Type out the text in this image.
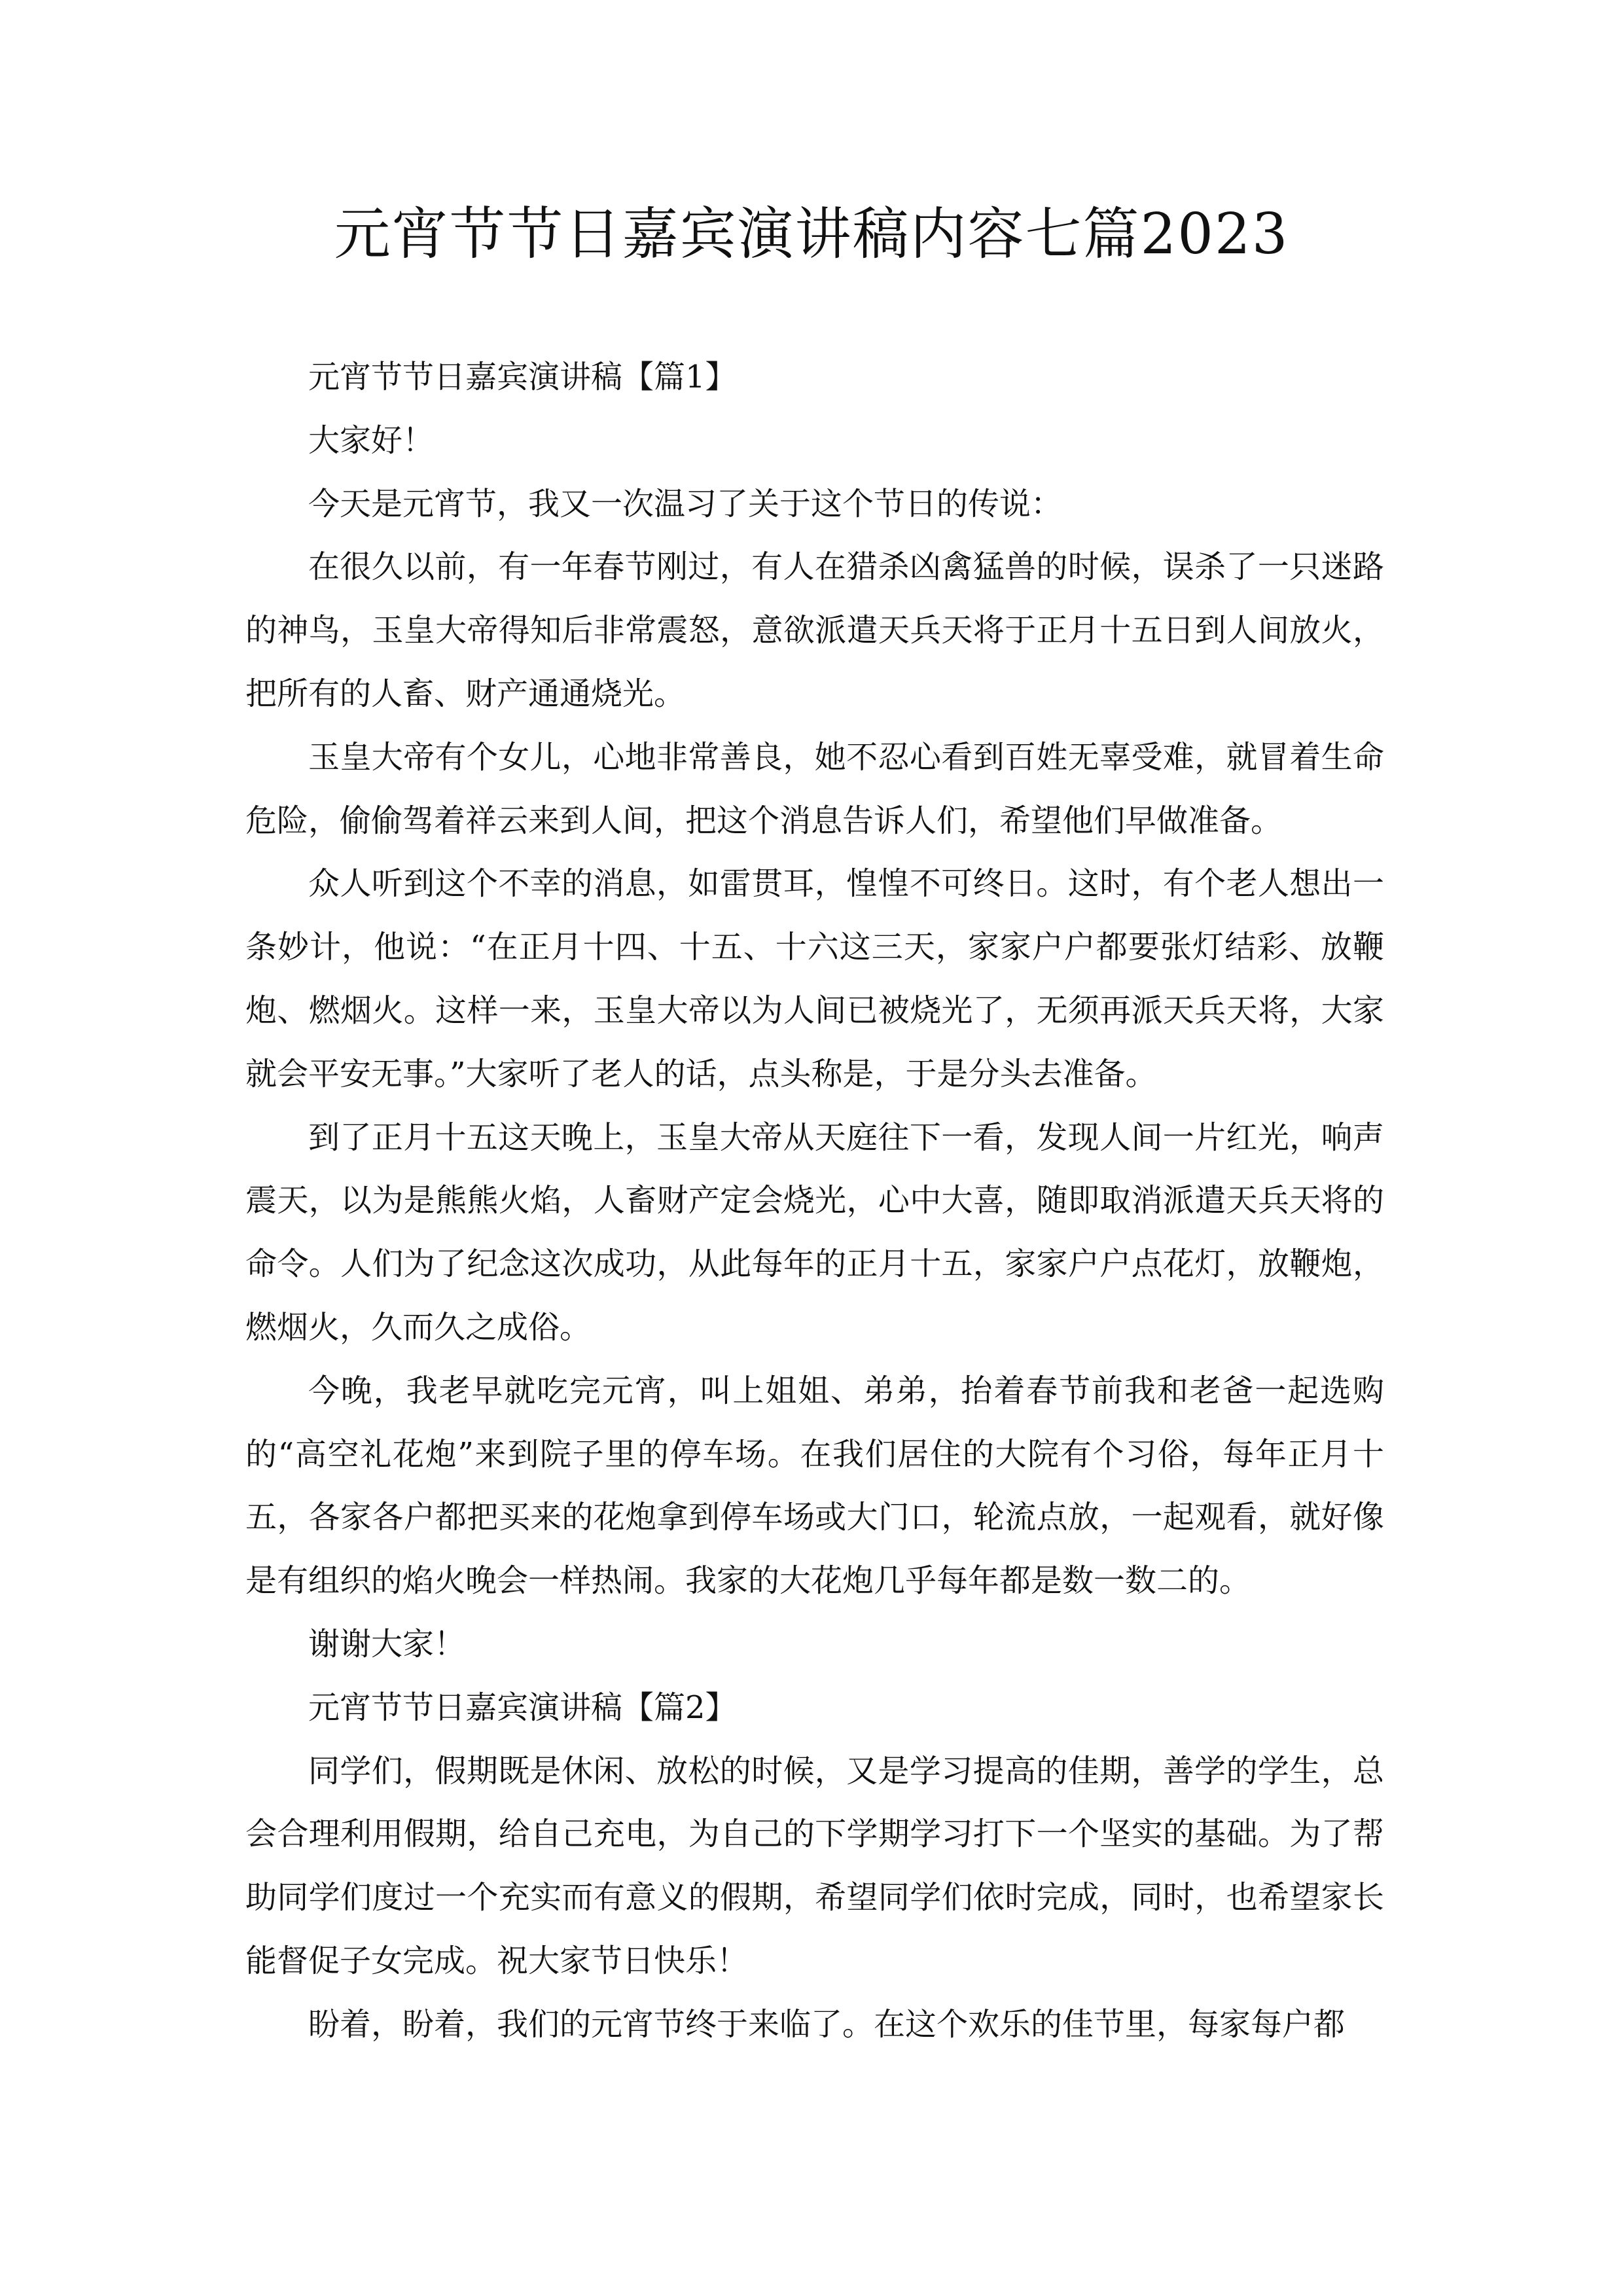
元宵节节日嘉宾演讲稿内容七篇2023

元宵节节日嘉宾演讲稿【篇1】

大家好！

今天是元宵节，我又一次温习了关于这个节日的传说：

在很久以前，有一年春节刚过，有人在猎杀凶禽猛兽的时候，误杀了一只迷路的神鸟，玉皇大帝得知后非常震怒，意欲派遣天兵天将于正月十五日到人间放火，把所有的人畜、财产通通烧光。

玉皇大帝有个女儿，心地非常善良，她不忍心看到百姓无辜受难，就冒着生命危险，偷偷驾着祥云来到人间，把这个消息告诉人们，希望他们早做准备。

众人听到这个不幸的消息，如雷贯耳，惶惶不可终日。这时，有个老人想出一条妙计，他说：“在正月十四、十五、十六这三天，家家户户都要张灯结彩、放鞭炮、燃烟火。这样一来，玉皇大帝以为人间已被烧光了，无须再派天兵天将，大家就会平安无事。”大家听了老人的话，点头称是，于是分头去准备。

到了正月十五这天晚上，玉皇大帝从天庭往下一看，发现人间一片红光，响声震天，以为是熊熊火焰，人畜财产定会烧光，心中大喜，随即取消派遣天兵天将的命令。人们为了纪念这次成功，从此每年的正月十五，家家户户点花灯，放鞭炮，燃烟火，久而久之成俗。

今晚，我老早就吃完元宵，叫上姐姐、弟弟，抬着春节前我和老爸一起选购的“高空礼花炮”来到院子里的停车场。在我们居住的大院有个习俗，每年正月十五，各家各户都把买来的花炮拿到停车场或大门口，轮流点放，一起观看，就好像是有组织的焰火晚会一样热闹。我家的大花炮几乎每年都是数一数二的。

谢谢大家！

元宵节节日嘉宾演讲稿【篇2】

同学们，假期既是休闲、放松的时候，又是学习提高的佳期，善学的学生，总会合理利用假期，给自己充电，为自己的下学期学习打下一个坚实的基础。为了帮助同学们度过一个充实而有意义的假期，希望同学们依时完成，同时，也希望家长能督促子女完成。祝大家节日快乐！

盼着，盼着，我们的元宵节终于来临了。在这个欢乐的佳节里，每家每户都
